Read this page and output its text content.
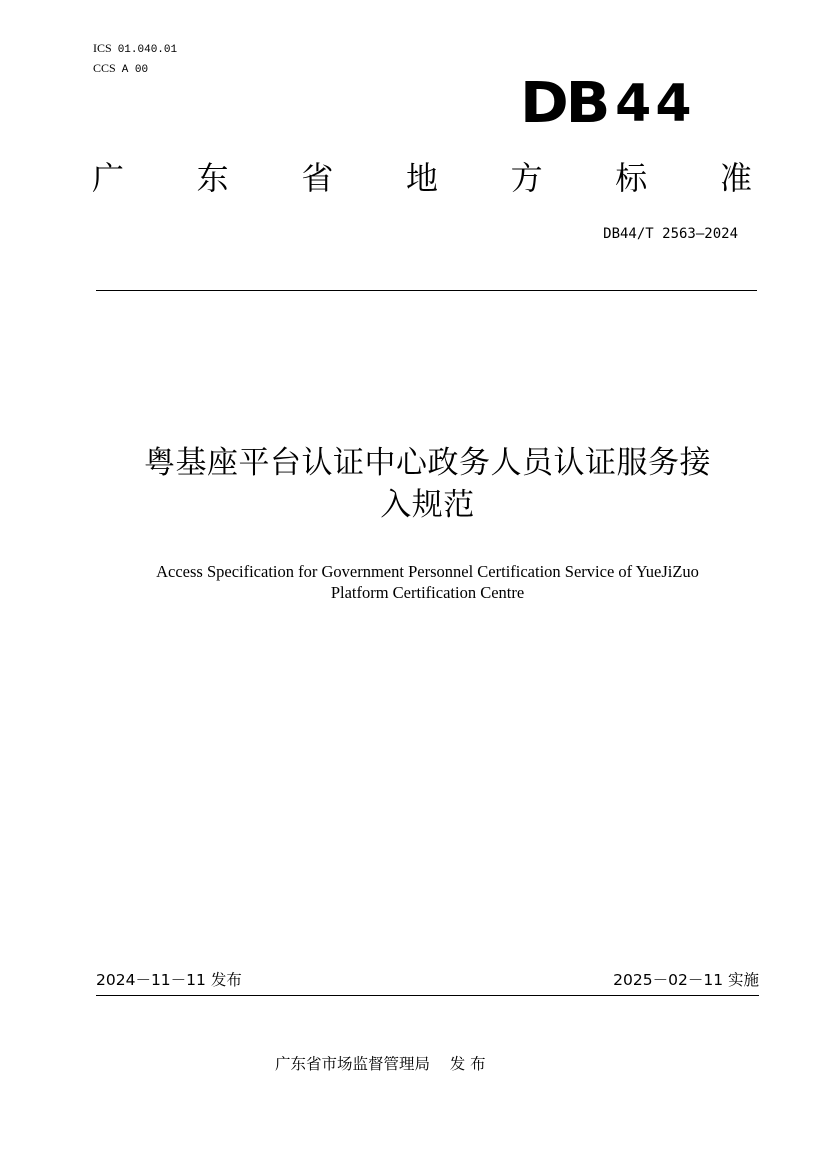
ICS 01.040.01
CCS A 00
DB 44
广 东 省 地 方 标 准
DB44/T 2563—2024
粤基座平台认证中心政务人员认证服务接
入规范
Access Specification for Government Personnel Certification Service of YueJiZuo
Platform Certification Centre
2024－11－11 发布	2025－02－11 实施
广东省市场监督管理局    发 布
